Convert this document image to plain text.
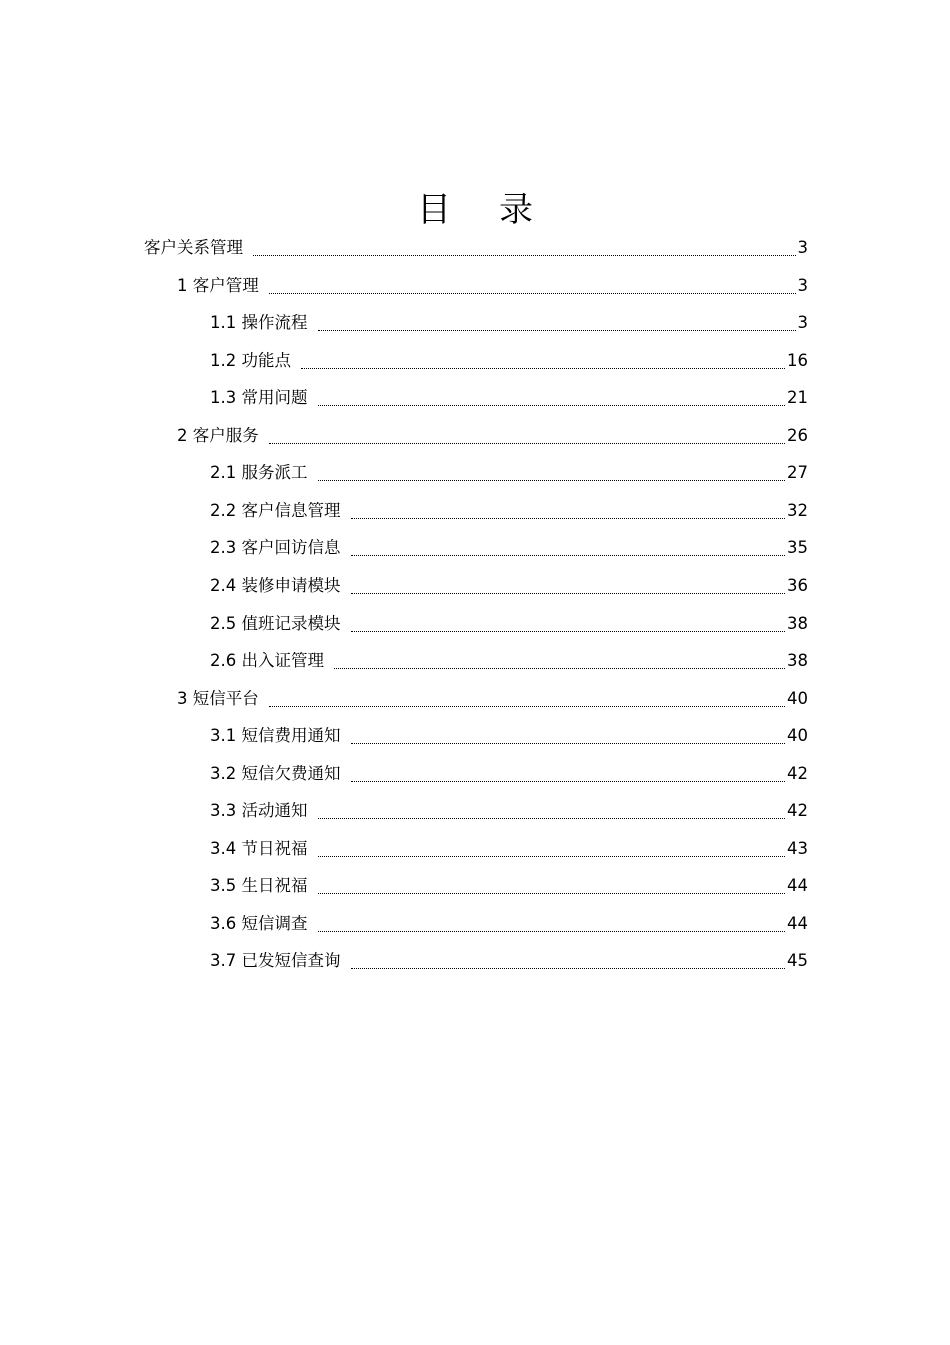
目 录
客户关系管理	3
1 客户管理	3
1.1 操作流程	3
1.2 功能点	16
1.3 常用问题	21
2 客户服务	26
2.1 服务派工	27
2.2 客户信息管理	32
2.3 客户回访信息	35
2.4 装修申请模块	36
2.5 值班记录模块	38
2.6 出入证管理	38
3 短信平台	40
3.1 短信费用通知	40
3.2 短信欠费通知	42
3.3 活动通知	42
3.4 节日祝福	43
3.5 生日祝福	44
3.6 短信调查	44
3.7 已发短信查询	45
